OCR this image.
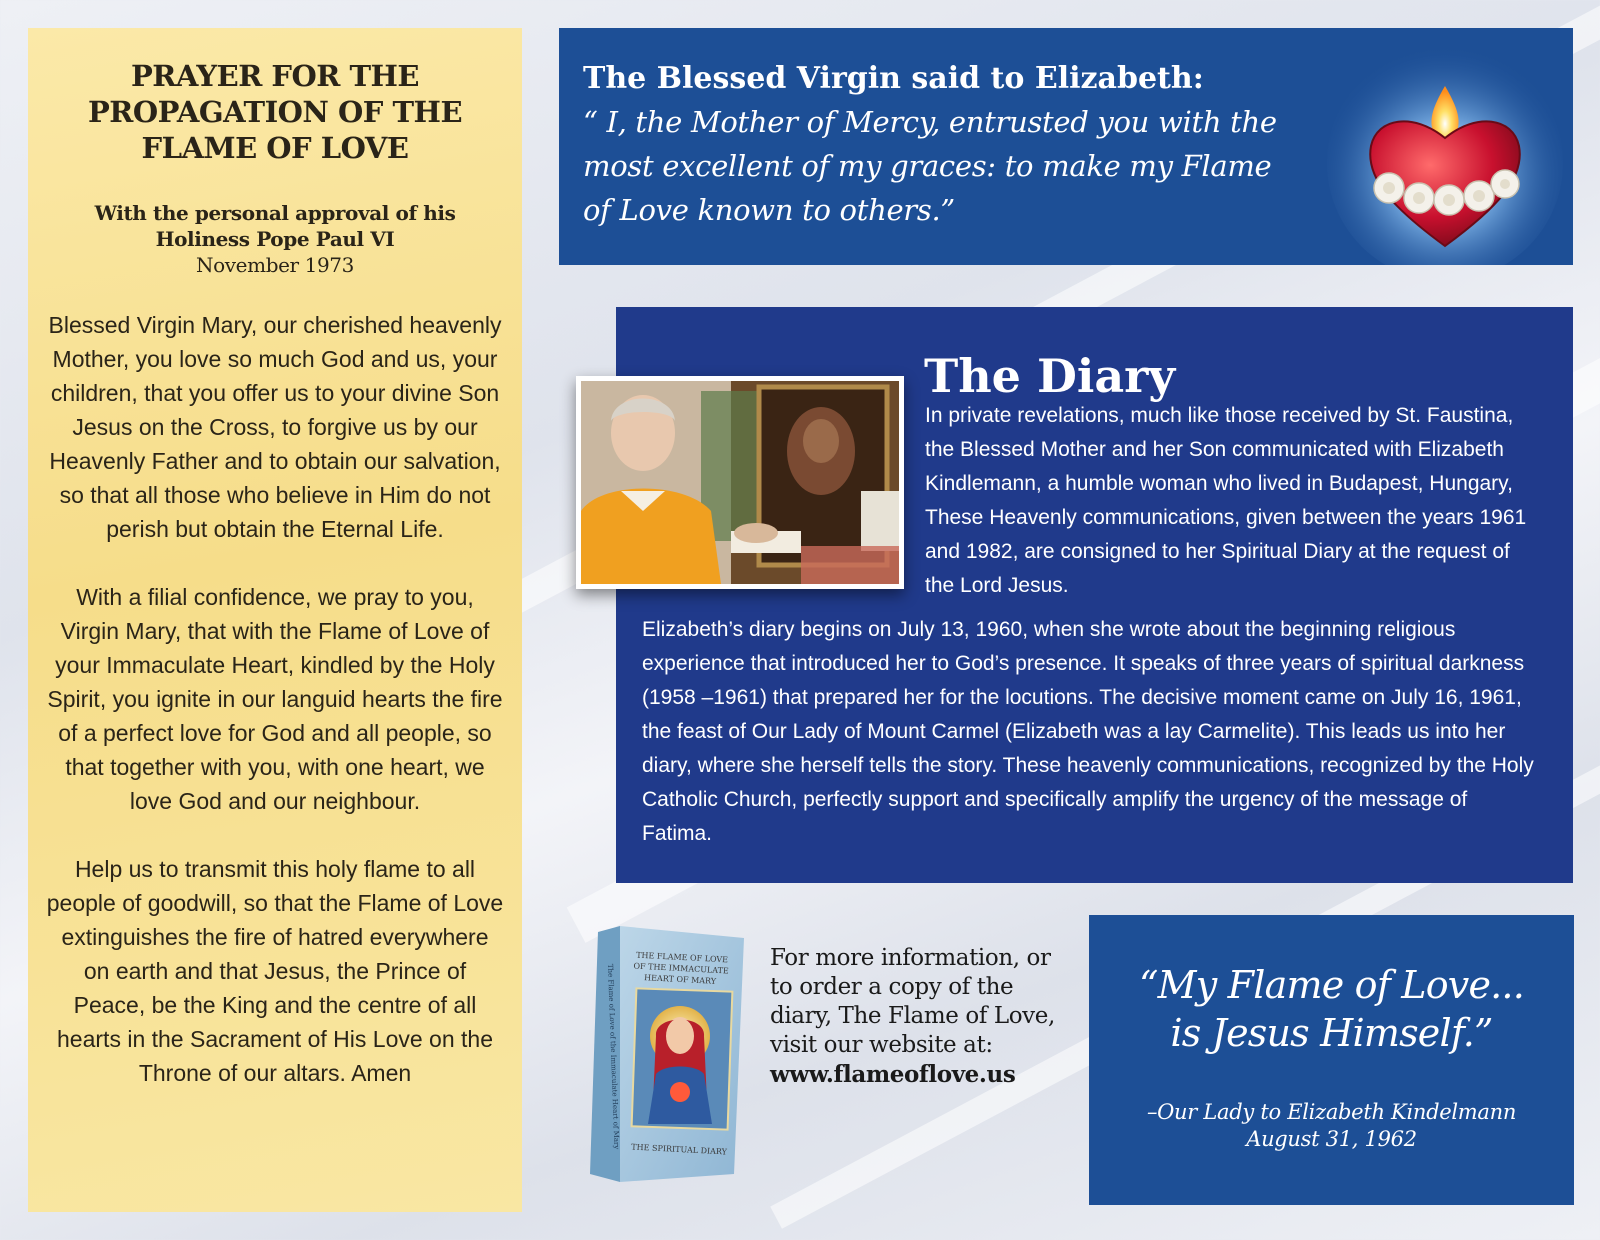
PRAYER FOR THE PROPAGATION OF THE FLAME OF LOVE
With the personal approval of his Holiness Pope Paul VI
November 1973

Blessed Virgin Mary, our cherished heavenly Mother, you love so much God and us, your children, that you offer us to your divine Son Jesus on the Cross, to forgive us by our Heavenly Father and to obtain our salvation, so that all those who believe in Him do not perish but obtain the Eternal Life.

With a filial confidence, we pray to you, Virgin Mary, that with the Flame of Love of your Immaculate Heart, kindled by the Holy Spirit, you ignite in our languid hearts the fire of a perfect love for God and all people, so that together with you, with one heart, we love God and our neighbour.

Help us to transmit this holy flame to all people of goodwill, so that the Flame of Love extinguishes the fire of hatred everywhere on earth and that Jesus, the Prince of Peace, be the King and the centre of all hearts in the Sacrament of His Love on the Throne of our altars. Amen

The Blessed Virgin said to Elizabeth:
“ I, the Mother of Mercy, entrusted you with the most excellent of my graces: to make my Flame of Love known to others.”
The Diary
In private revelations, much like those received by St. Faustina, the Blessed Mother and her Son communicated with Elizabeth Kindlemann, a humble woman who lived in Budapest, Hungary, These Heavenly communications, given between the years 1961 and 1982, are consigned to her Spiritual Diary at the request of the Lord Jesus.
Elizabeth’s diary begins on July 13, 1960, when she wrote about the beginning religious experience that introduced her to God’s presence. It speaks of three years of spiritual darkness (1958 –1961) that prepared her for the locutions. The decisive moment came on July 16, 1961, the feast of Our Lady of Mount Carmel (Elizabeth was a lay Carmelite). This leads us into her diary, where she herself tells the story. These heavenly communications, recognized by the Holy Catholic Church, perfectly support and specifically amplify the urgency of the message of Fatima.
THE FLAME OF LOVE
OF THE IMMACULATE
HEART OF MARY
THE SPIRITUAL DIARY
The Flame of Love of the Immaculate Heart of Mary
For more information, or to order a copy of the diary, The Flame of Love, visit our website at:
www.flameoflove.us
“My Flame of Love... is Jesus Himself.”
–Our Lady to Elizabeth Kindelmann
August 31, 1962
